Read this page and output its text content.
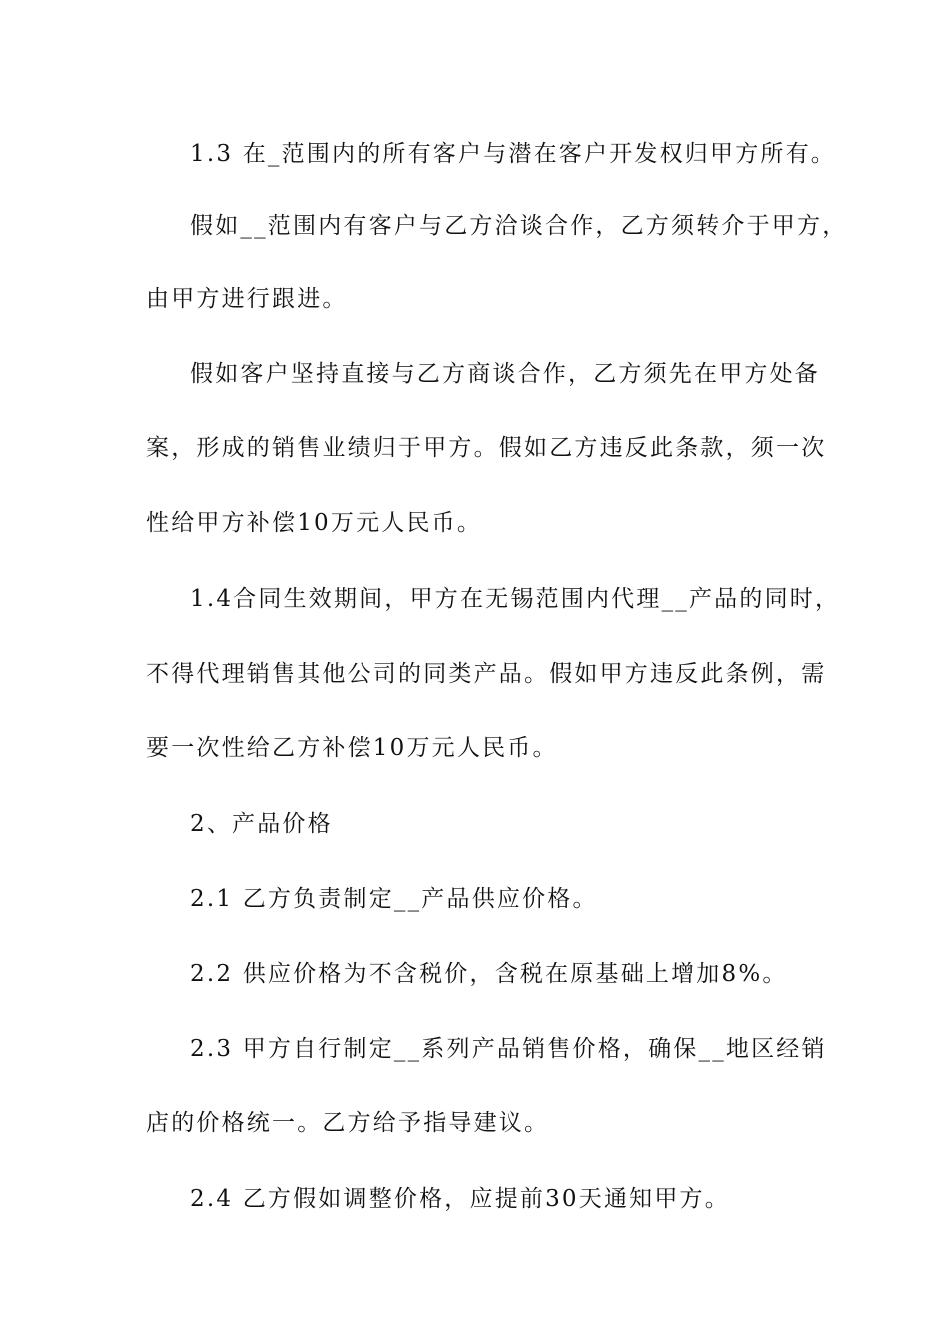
1.3 在_范围内的所有客户与潜在客户开发权归甲方所有。
假如__范围内有客户与乙方洽谈合作，乙方须转介于甲方，
由甲方进行跟进。
假如客户坚持直接与乙方商谈合作，乙方须先在甲方处备
案，形成的销售业绩归于甲方。假如乙方违反此条款，须一次
性给甲方补偿10万元人民币。
1.4合同生效期间，甲方在无锡范围内代理__产品的同时，
不得代理销售其他公司的同类产品。假如甲方违反此条例，需
要一次性给乙方补偿10万元人民币。
2、产品价格
2.1 乙方负责制定__产品供应价格。
2.2 供应价格为不含税价，含税在原基础上增加8%。
2.3 甲方自行制定__系列产品销售价格，确保__地区经销
店的价格统一。乙方给予指导建议。
2.4 乙方假如调整价格，应提前30天通知甲方。
